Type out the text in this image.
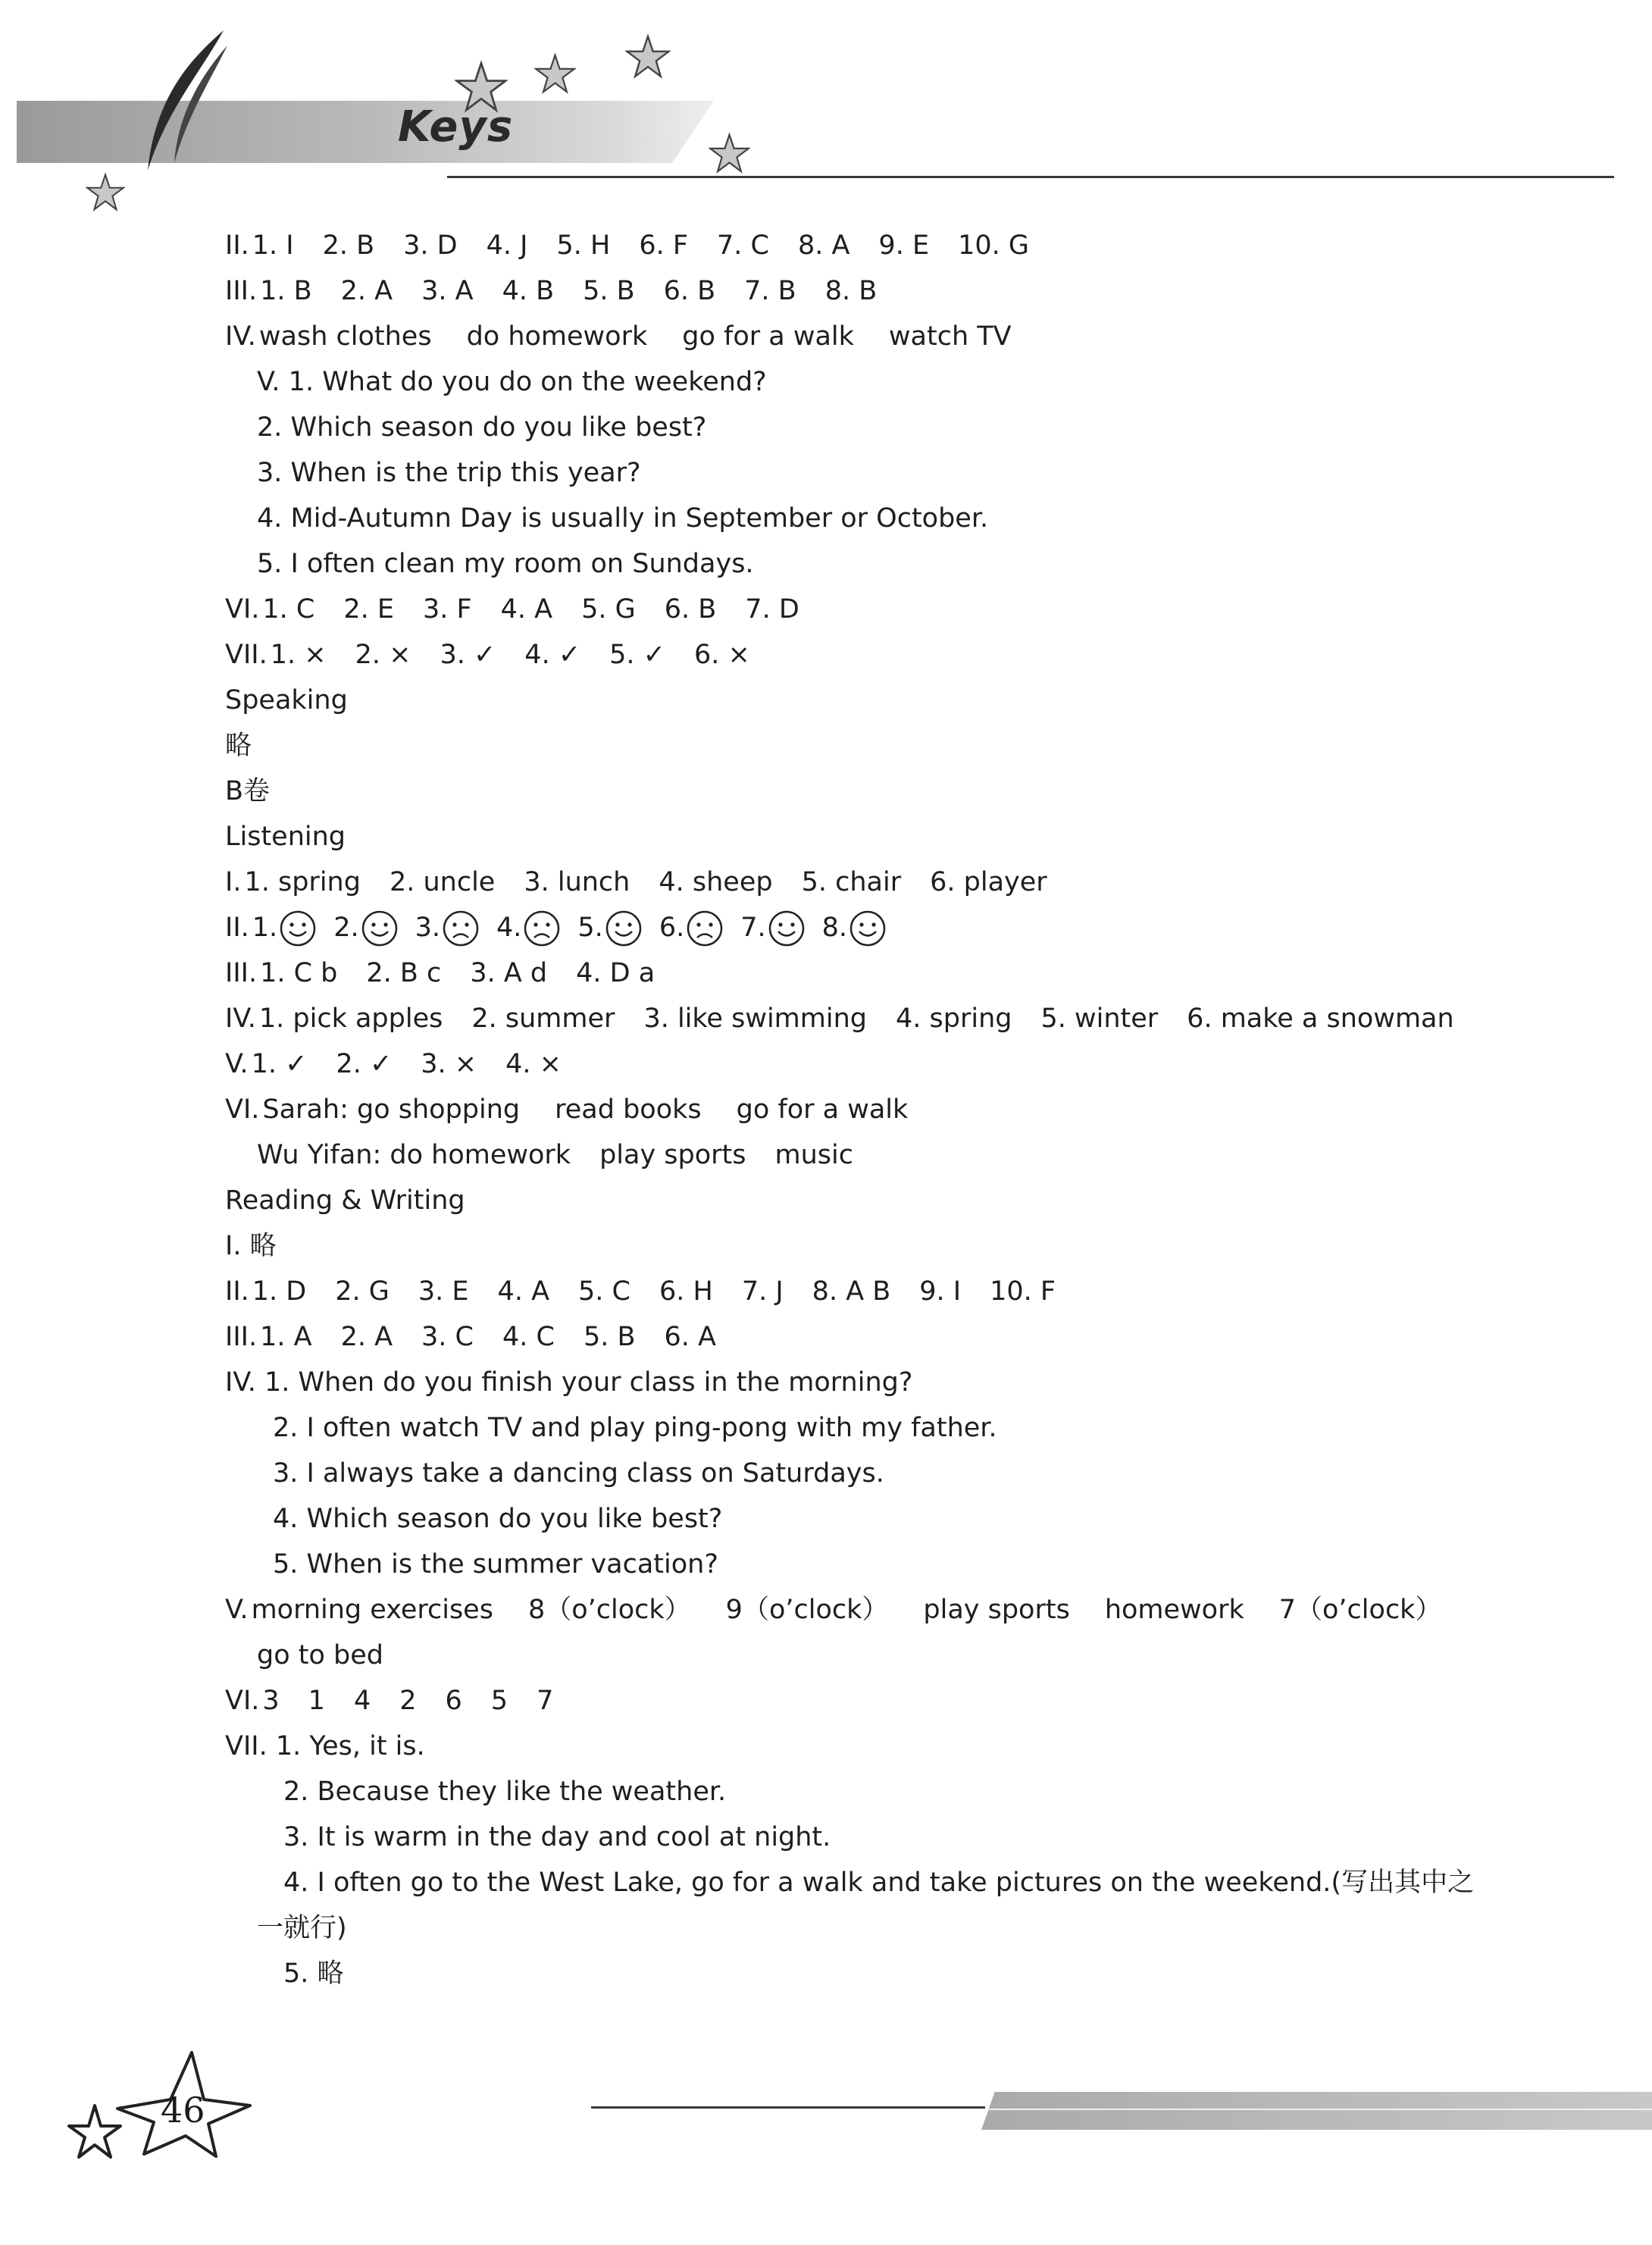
Keys
II. 1. I 2. B 3. D 4. J 5. H 6. F 7. C 8. A 9. E 10. G
III. 1. B 2. A 3. A 4. B 5. B 6. B 7. B 8. B
IV. wash clothes do homework go for a walk watch TV
V. 1. What do you do on the weekend?
2. Which season do you like best?
3. When is the trip this year?
4. Mid-Autumn Day is usually in September or October.
5. I often clean my room on Sundays.
VI. 1. C 2. E 3. F 4. A 5. G 6. B 7. D
VII. 1. × 2. × 3. ✓ 4. ✓ 5. ✓ 6. ×
Speaking
略
B卷
Listening
I. 1. spring 2. uncle 3. lunch 4. sheep 5. chair 6. player
II. 1. 2. 3. 4. 5. 6. 7. 8.
III. 1. C b 2. B c 3. A d 4. D a
IV. 1. pick apples 2. summer 3. like swimming 4. spring 5. winter 6. make a snowman
V. 1. ✓ 2. ✓ 3. × 4. ×
VI. Sarah: go shopping read books go for a walk
Wu Yifan: do homework play sports music
Reading & Writing
I. 略
II. 1. D 2. G 3. E 4. A 5. C 6. H 7. J 8. A B 9. I 10. F
III. 1. A 2. A 3. C 4. C 5. B 6. A
IV. 1. When do you finish your class in the morning?
2. I often watch TV and play ping-pong with my father.
3. I always take a dancing class on Saturdays.
4. Which season do you like best?
5. When is the summer vacation?
V. morning exercises 8（o’clock） 9（o’clock） play sports homework 7（o’clock）
go to bed
VI. 3 1 4 2 6 5 7
VII. 1. Yes, it is.
2. Because they like the weather.
3. It is warm in the day and cool at night.
4. I often go to the West Lake, go for a walk and take pictures on the weekend.(写出其中之
一就行)
5. 略
46
